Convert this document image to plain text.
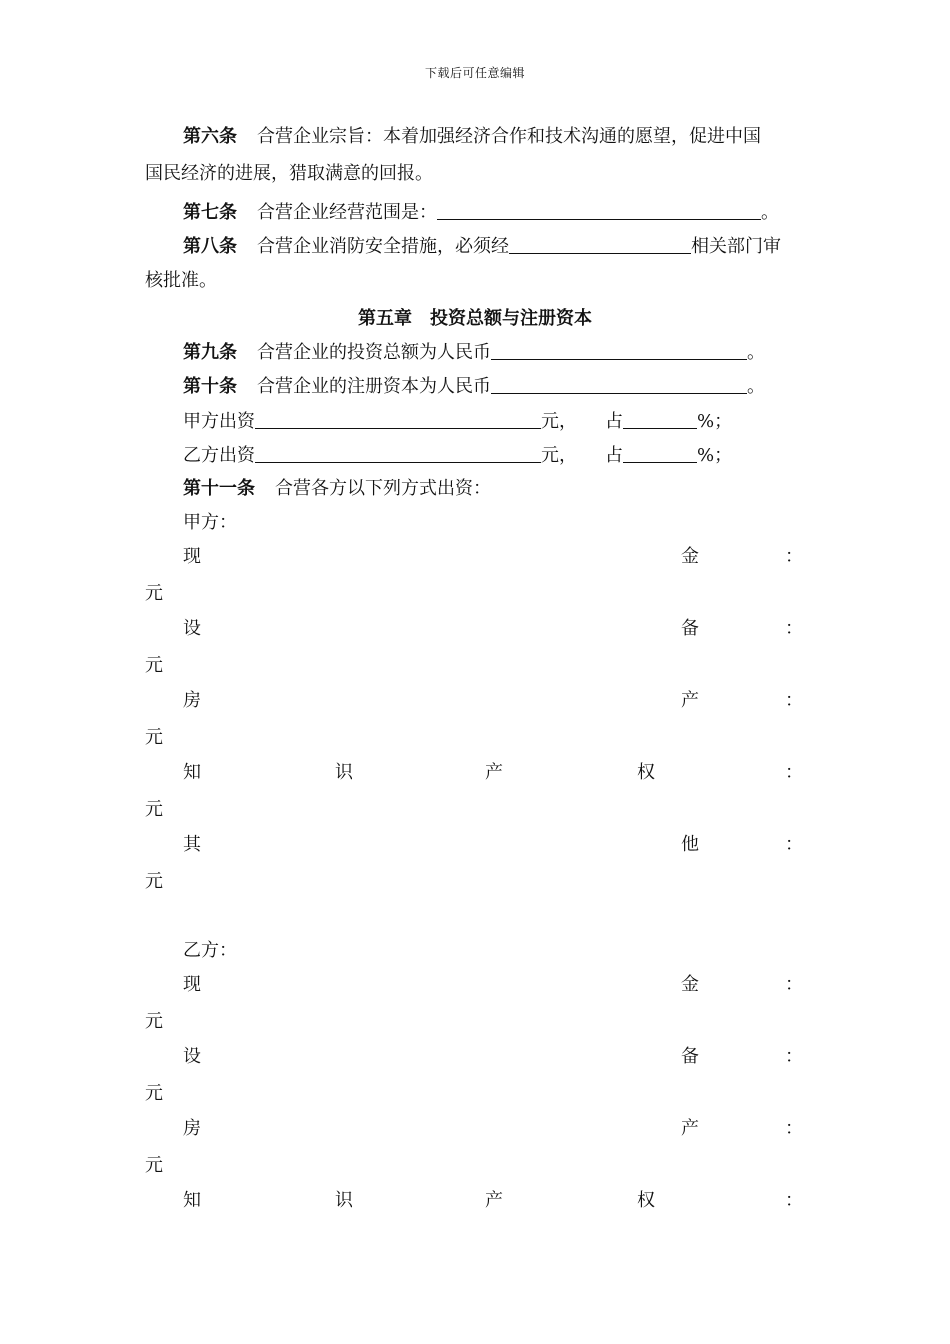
下载后可任意编辑
第六条 合营企业宗旨：本着加强经济合作和技术沟通的愿望，促进中国
国民经济的进展，猎取满意的回报。
第七条 合营企业经营范围是：	。
第八条 合营企业消防安全措施，必须经	相关部门审
核批准。
第五章　投资总额与注册资本
第九条 合营企业的投资总额为人民币	。
第十条 合营企业的注册资本为人民币	。
甲方出资	元， 占	%；
乙方出资	元， 占	%；
第十一条 合营各方以下列方式出资：
甲方：
现	金	：
元
设	备	：
元
房	产	：
元
知	识	产	权	：
元
其	他	：
元
乙方：
现	金	：
元
设	备	：
元
房	产	：
元
知	识	产	权	：
